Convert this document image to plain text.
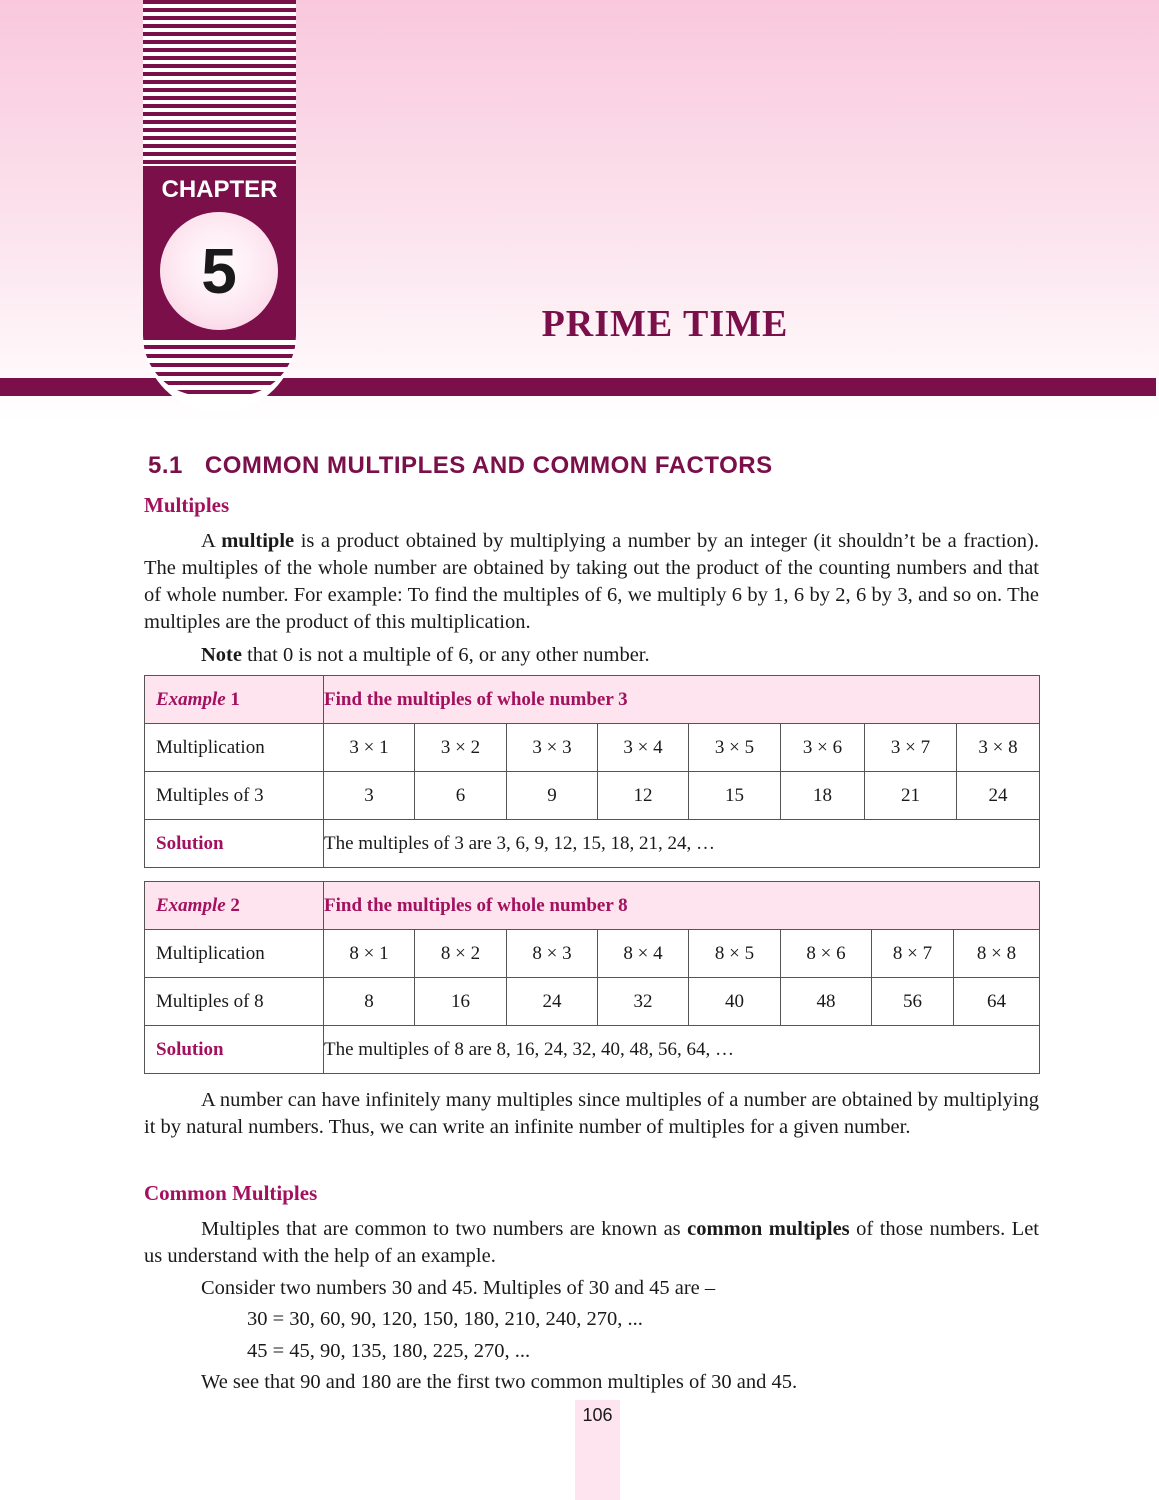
CHAPTER
5
PRIME TIME
5.1 COMMON MULTIPLES AND COMMON FACTORS
Multiples
A multiple is a product obtained by multiplying a number by an integer (it shouldn’t be a fraction). The multiples of the whole number are obtained by taking out the product of the counting numbers and that of whole number. For example: To find the multiples of 6, we multiply 6 by 1, 6 by 2, 6 by 3, and so on. The multiples are the product of this multiplication.
Note that 0 is not a multiple of 6, or any other number.
Example 1	Find the multiples of whole number 3							
Multiplication	3 × 1	3 × 2	3 × 3	3 × 4	3 × 5	3 × 6	3 × 7	3 × 8
Multiples of 3	3	6	9	12	15	18	21	24
Solution	The multiples of 3 are 3, 6, 9, 12, 15, 18, 21, 24, …							
Example 2	Find the multiples of whole number 8							
Multiplication	8 × 1	8 × 2	8 × 3	8 × 4	8 × 5	8 × 6	8 × 7	8 × 8
Multiples of 8	8	16	24	32	40	48	56	64
Solution	The multiples of 8 are 8, 16, 24, 32, 40, 48, 56, 64, …							
A number can have infinitely many multiples since multiples of a number are obtained by multiplying it by natural numbers. Thus, we can write an infinite number of multiples for a given number.
Common Multiples
Multiples that are common to two numbers are known as common multiples of those numbers. Let us understand with the help of an example.
Consider two numbers 30 and 45. Multiples of 30 and 45 are –
30 = 30, 60, 90, 120, 150, 180, 210, 240, 270, ...
45 = 45, 90, 135, 180, 225, 270, ...
We see that 90 and 180 are the first two common multiples of 30 and 45.
106
